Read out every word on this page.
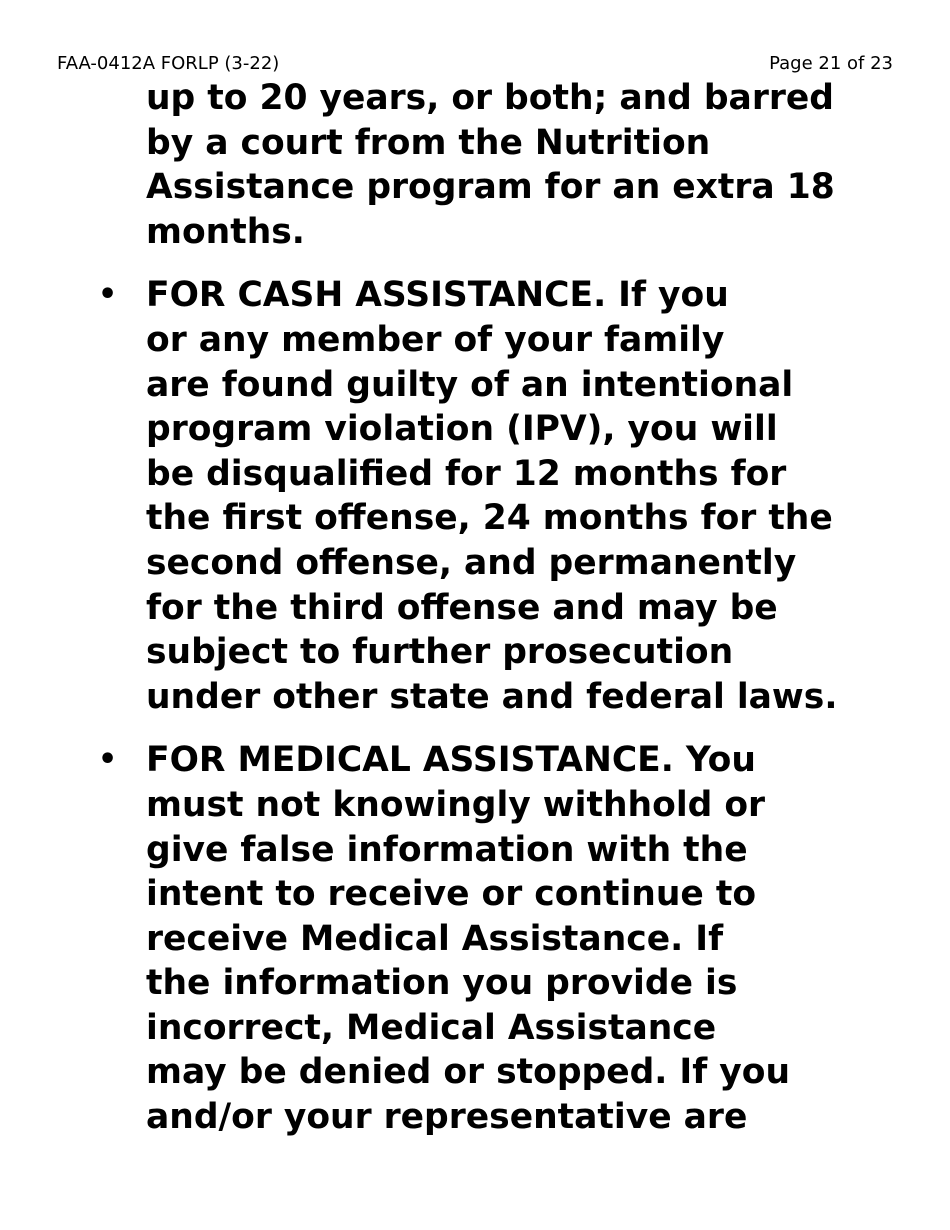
FAA-0412A FORLP (3-22)	Page 21 of 23
up to 20 years, or both; and barred
by a court from the Nutrition
Assistance program for an extra 18
months.
• FOR CASH ASSISTANCE. If you
or any member of your family
are found guilty of an intentional
program violation (IPV), you will
be disqualified for 12 months for
the first offense, 24 months for the
second offense, and permanently
for the third offense and may be
subject to further prosecution
under other state and federal laws.
• FOR MEDICAL ASSISTANCE. You
must not knowingly withhold or
give false information with the
intent to receive or continue to
receive Medical Assistance. If
the information you provide is
incorrect, Medical Assistance
may be denied or stopped. If you
and/or your representative are
